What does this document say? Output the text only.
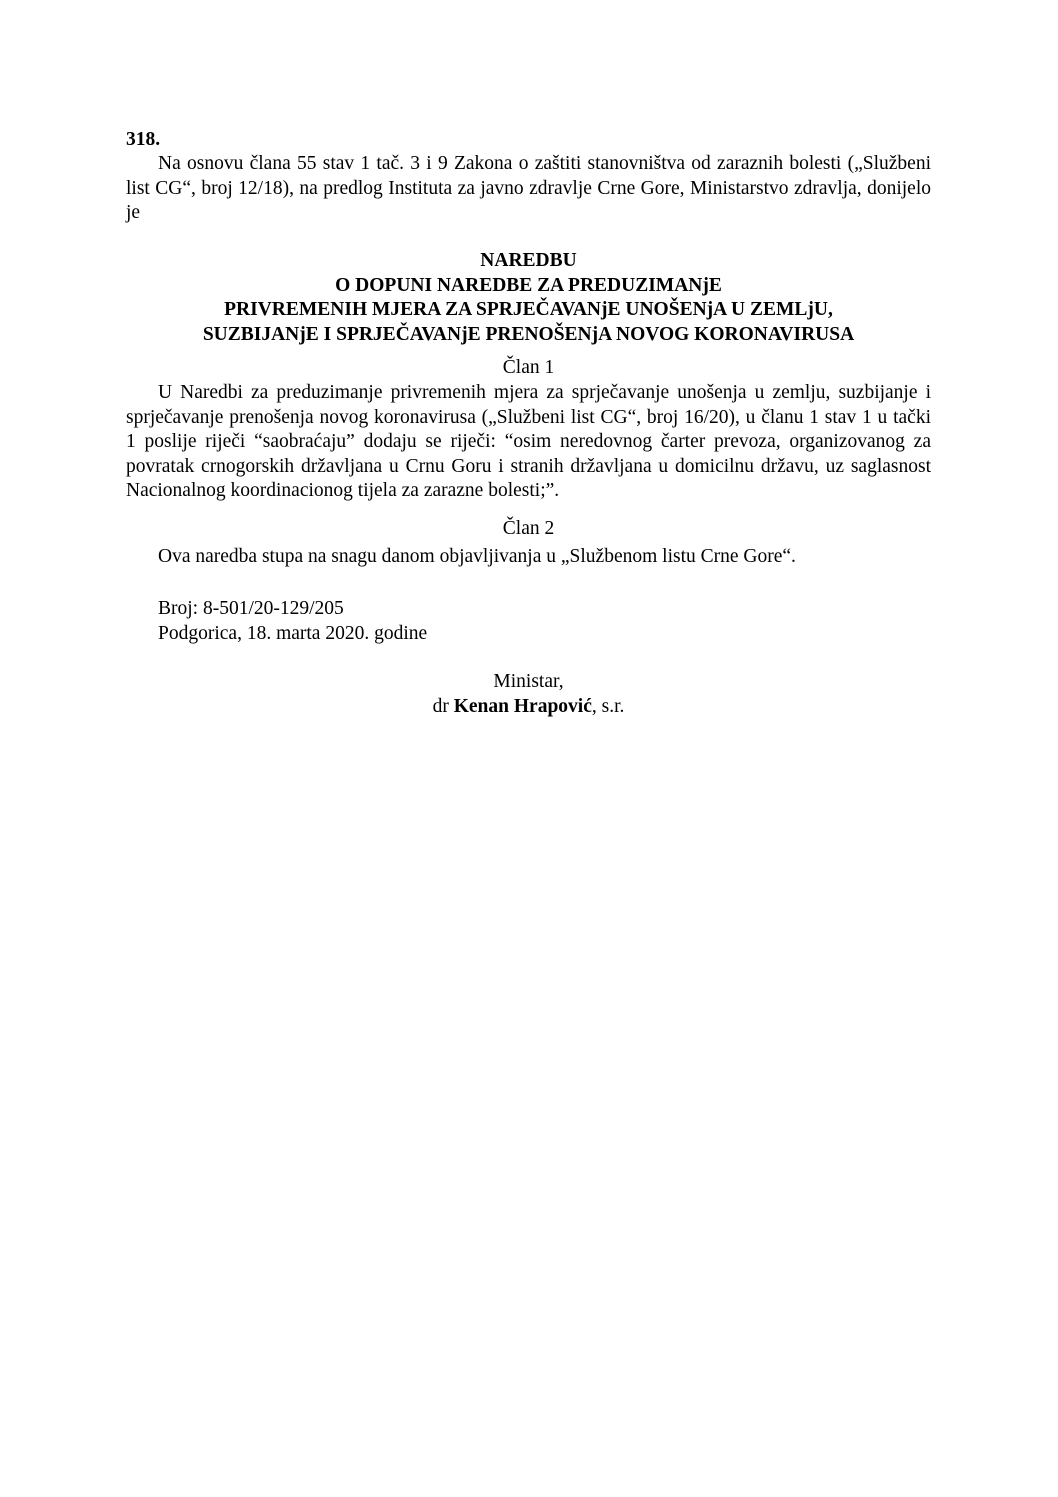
318.

Na osnovu člana 55 stav 1 tač. 3 i 9 Zakona o zaštiti stanovništva od zaraznih bolesti („Službeni list CG“, broj 12/18), na predlog Instituta za javno zdravlje Crne Gore, Ministarstvo zdravlja, donijelo je

NAREDBU
O DOPUNI NAREDBE ZA PREDUZIMANjE
PRIVREMENIH MJERA ZA SPRJEČAVANjE UNOŠENjA U ZEMLjU,
SUZBIJANjE I SPRJEČAVANjE PRENOŠENjA NOVOG KORONAVIRUSA
Član 1

U Naredbi za preduzimanje privremenih mjera za sprječavanje unošenja u zemlju, suzbijanje i sprječavanje prenošenja novog koronavirusa („Službeni list CG“, broj 16/20), u članu 1 stav 1 u tački 1 poslije riječi “saobraćaju” dodaju se riječi: “osim neredovnog čarter prevoza, organizovanog za povratak crnogorskih državljana u Crnu Goru i stranih državljana u domicilnu državu, uz saglasnost Nacionalnog koordinacionog tijela za zarazne bolesti;”.

Član 2

Ova naredba stupa na snagu danom objavljivanja u „Službenom listu Crne Gore“.

Broj: 8-501/20-129/205
Podgorica, 18. marta 2020. godine
Ministar,
dr Kenan Hrapović, s.r.
